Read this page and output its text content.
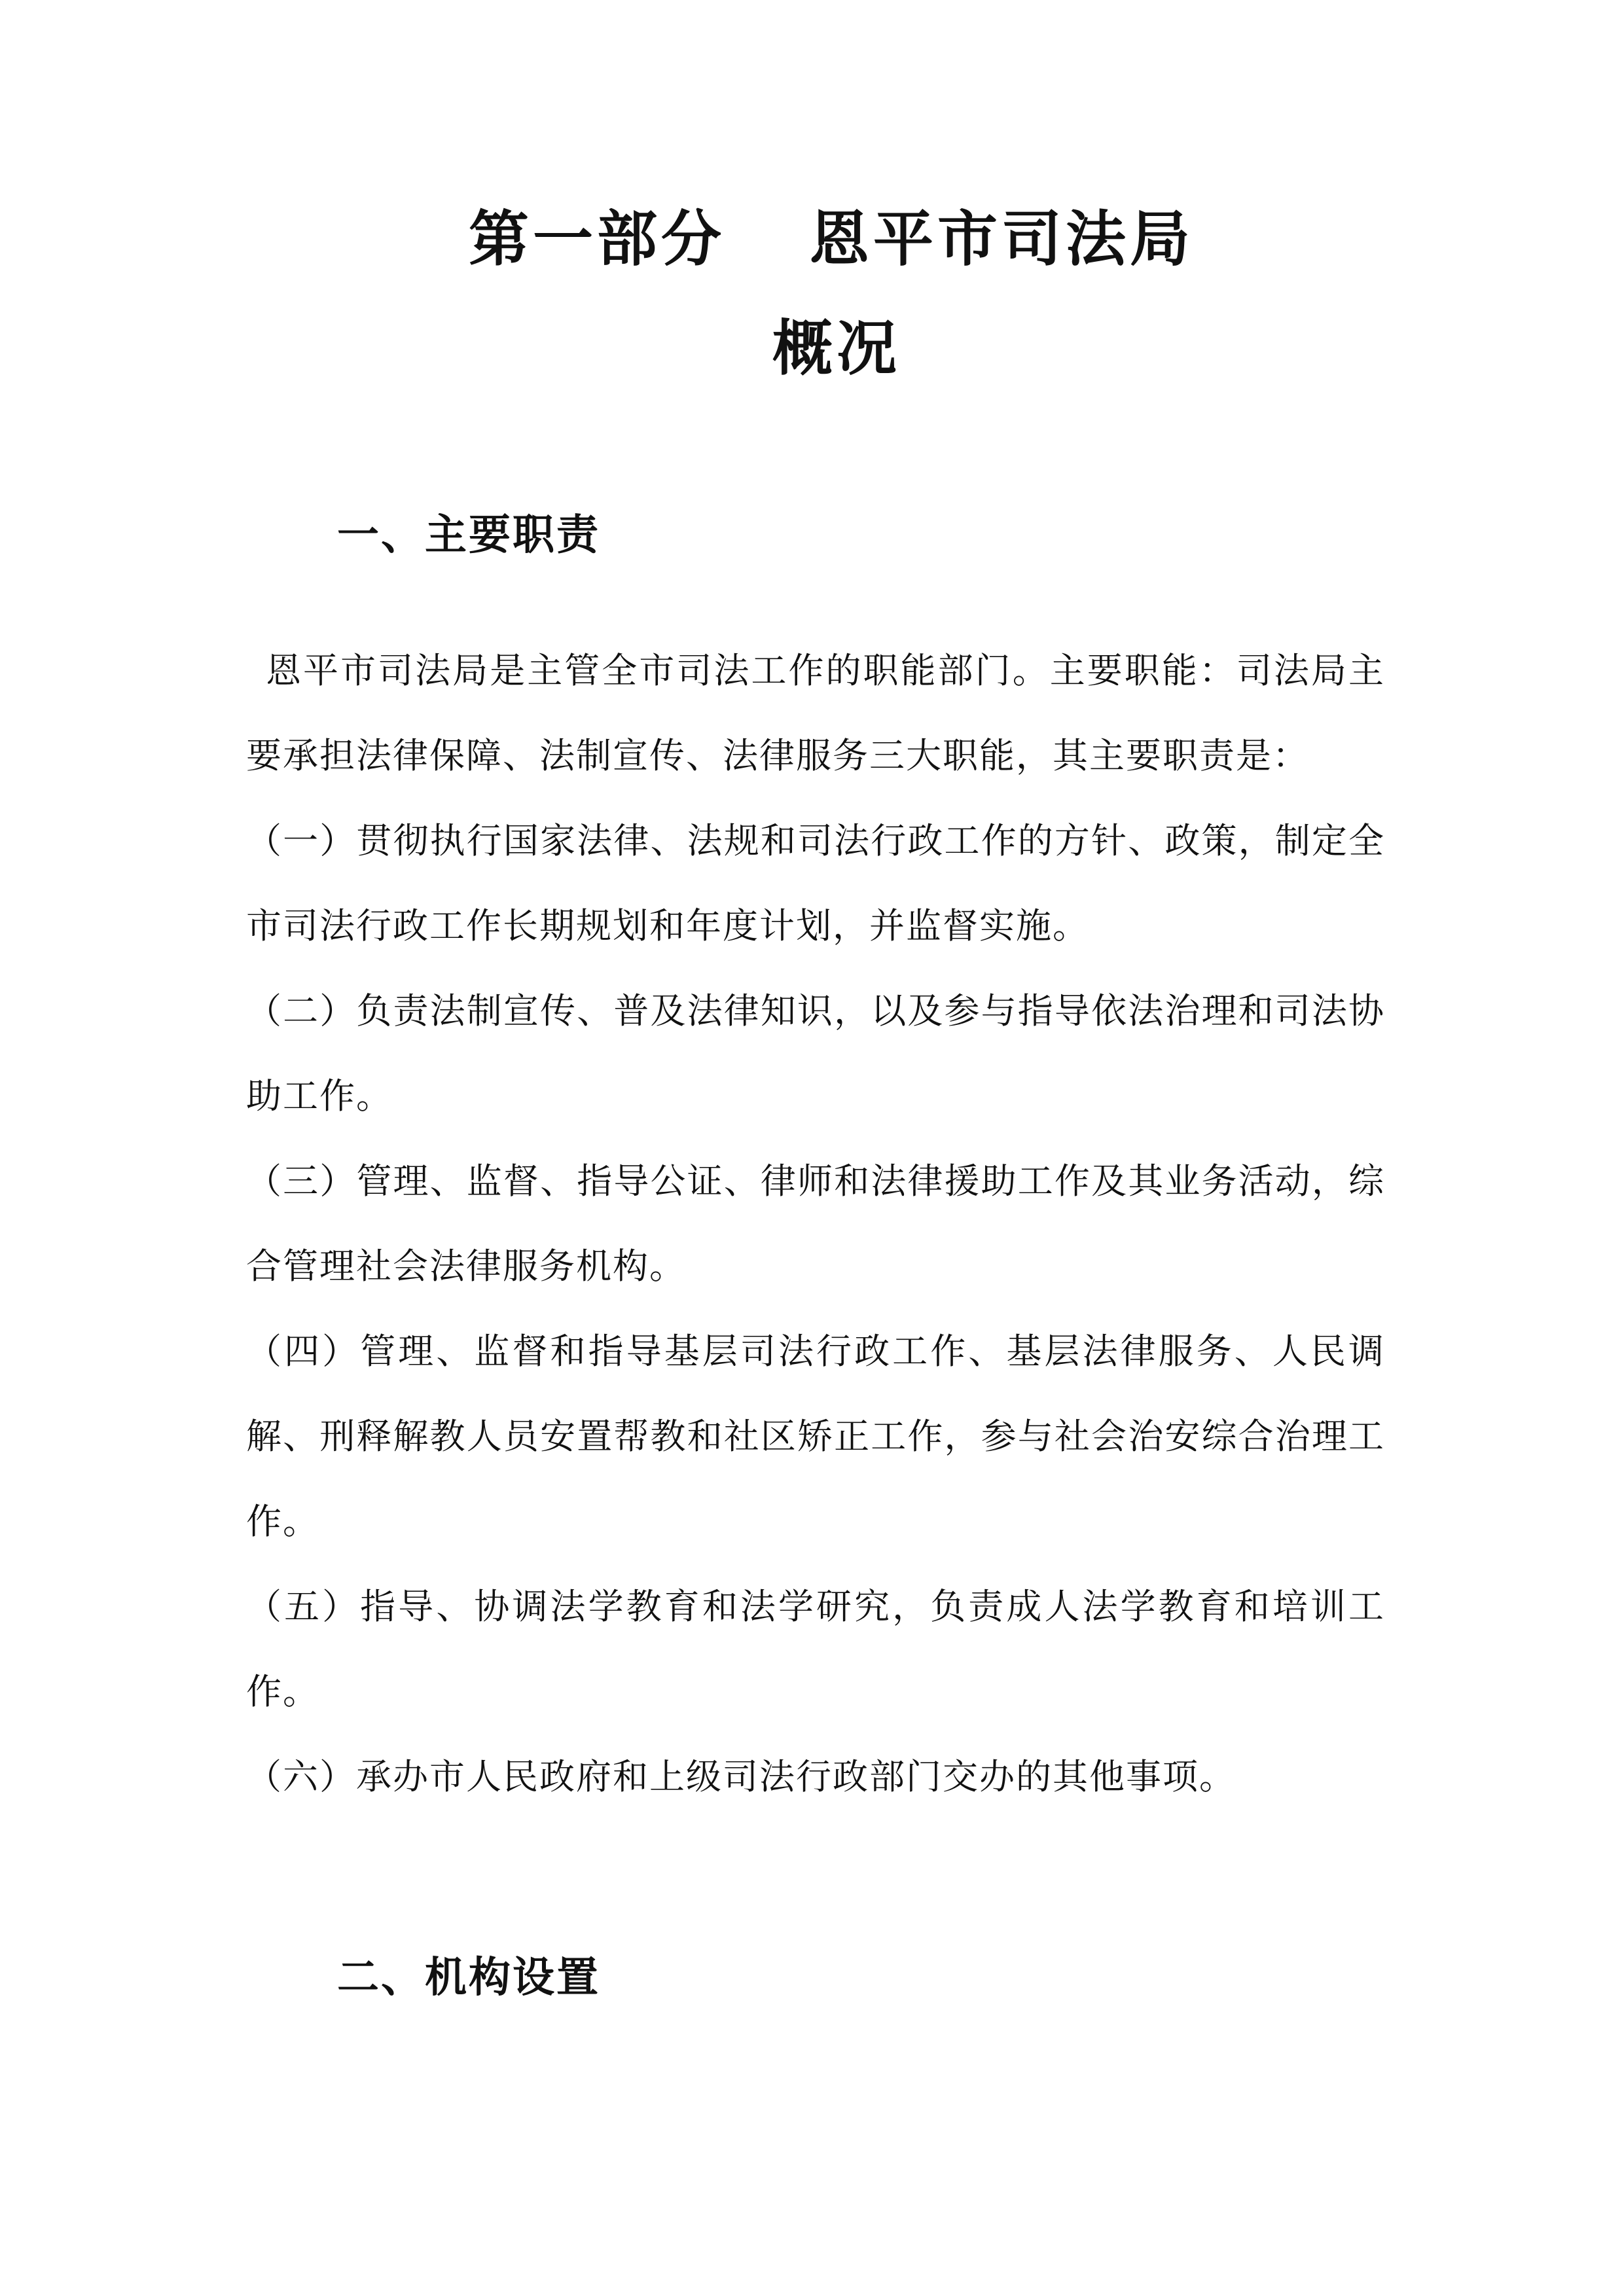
第一部分 恩平市司法局
概况
一、主要职责

恩平市司法局是主管全市司法工作的职能部门。主要职能：司法局主要承担法律保障、法制宣传、法律服务三大职能，其主要职责是：

（一）贯彻执行国家法律、法规和司法行政工作的方针、政策，制定全市司法行政工作长期规划和年度计划，并监督实施。

（二）负责法制宣传、普及法律知识，以及参与指导依法治理和司法协助工作。

（三）管理、监督、指导公证、律师和法律援助工作及其业务活动，综合管理社会法律服务机构。

（四）管理、监督和指导基层司法行政工作、基层法律服务、人民调解、刑释解教人员安置帮教和社区矫正工作，参与社会治安综合治理工作。

（五）指导、协调法学教育和法学研究，负责成人法学教育和培训工作。

（六）承办市人民政府和上级司法行政部门交办的其他事项。

二、机构设置
